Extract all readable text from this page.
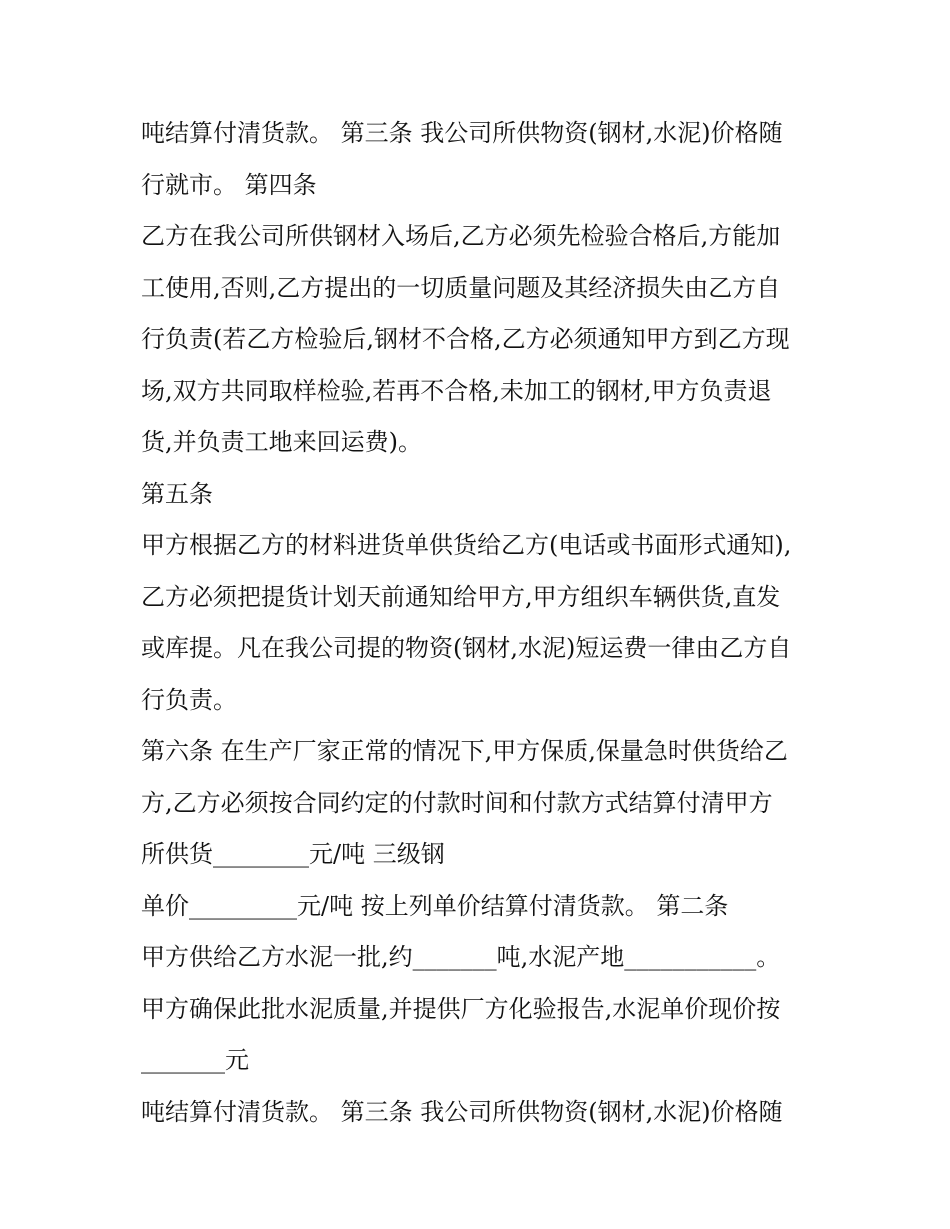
吨结算付清货款。 第三条 我公司所供物资(钢材,水泥)价格随
行就市。 第四条
乙方在我公司所供钢材入场后,乙方必须先检验合格后,方能加
工使用,否则,乙方提出的一切质量问题及其经济损失由乙方自
行负责(若乙方检验后,钢材不合格,乙方必须通知甲方到乙方现
场,双方共同取样检验,若再不合格,未加工的钢材,甲方负责退
货,并负责工地来回运费)。
第五条
甲方根据乙方的材料进货单供货给乙方(电话或书面形式通知),
乙方必须把提货计划天前通知给甲方,甲方组织车辆供货,直发
或库提。凡在我公司提的物资(钢材,水泥)短运费一律由乙方自
行负责。
第六条 在生产厂家正常的情况下,甲方保质,保量急时供货给乙
方,乙方必须按合同约定的付款时间和付款方式结算付清甲方
所供货________元/吨 三级钢
单价_________元/吨 按上列单价结算付清货款。 第二条
甲方供给乙方水泥一批,约_______吨,水泥产地___________。
甲方确保此批水泥质量,并提供厂方化验报告,水泥单价现价按
_______元
吨结算付清货款。 第三条 我公司所供物资(钢材,水泥)价格随
